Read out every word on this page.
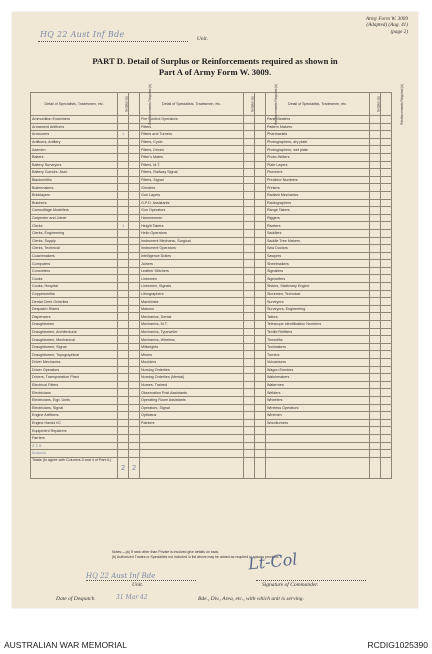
Army Form W. 3009
(Adapted) (Aug. 41)
(page 2)
HQ 22 Aust Inf Bde	Unit.
PART D. Detail of Surplus or Reinforcements required as shown in
Part A of Army Form W. 3009.
Detail of Specialists, Tradesmen, etc.	Surplus (a)	Reinforcements Required (b)	Detail of Specialists, Tradesmen, etc.	Surplus (a)	Reinforcements Required (b)	Detail of Specialists, Tradesmen, etc.	Surplus (a)	Reinforcements Required (b)
Ammunition Examiners			Fire Control Operators			Panel Beaters		
Armament Artificers			Fitters			Pattern Makers		
Armourers	1		Fitters and Turners			Pharmacists		
Artificers, Artillery			Fitters, Cycle			Photographers, dry plate		
Axemen			Fitters, Driven			Photographers, wet plate		
Bakers			Fitter's Mates			Photo-Writers		
Battery Surveyors			Fitters, M.T.			Plate Layers		
Battery Comdrs. Asst.			Fitters, Railway Signal			Plumbers		
Blacksmiths			Fitters, Signal			Predictor Numbers		
Boilermakers			Grinders			Printers		
Bricklayers			Gun Layers			Radiant Mechanics		
Butchers			G.P.O. Assistants			Radiographers		
Camouflage Modellers			Gun Operators			Range Takers		
Carpenter and Joiner			Hammermen			Riggers		
Clerks	1		Height Takers			Riveters		
Clerks, Engineering			Helio Operators			Saddlers		
Clerks, Supply			Instrument Mechanic, Surgical			Saddle Tree Makers		
Clerks, Technical			Instrument Operators			Saw Doctors		
Coachmakers			Intelligence Duties			Sawyers		
Computers			Joiners			Sheetmakers		
Concreters			Leather Stitchers			Signallers		
Cooks			Linesmen			Signwriters		
Cooks, Hospital			Linesmen, Signals			Sisters, Stationary Engine		
Coppersmiths			Lithographers			Storemen, Technical		
Dental Clerk Orderlies			Machinists			Surveyors		
Despatch Riders			Masons			Surveyors, Engineering		
Dispensers			Mechanics, Dental			Tailors		
Draughtsmen			Mechanics, M.T.			Telescope Identification Numbers		
Draughtsmen, Architectural			Mechanics, Typewriter			Textile Refitters		
Draughtsmen, Mechanical			Mechanics, Wireless			Tinsmiths		
Draughtsmen, Signal			Millwrights			Toolmakers		
Draughtsmen, Topographical			Miners			Turners		
Driver Mechanics			Moulders			Vulcanisers		
Driver Operators			Nursing Orderlies			Wagon Erectors		
Drivers, Transportation Plant			Nursing Orderlies (Mental)			Watchmakers		
Electrical Fitters			Nurses, Trained			Watermen		
Electricians			Observation Post Assistants			Welders		
Electricians, Eqp. Units			Operating Room Assistants			Wheelers		
Electricians, Signal			Operators, Signal			Wireless Operators		
Engine Artificers			Opticians			Wiremen		
Engine Hands I/C			Painters			Woodturners		
Equipment Repairers								
Farriers								
2 2 6								
Surplus								
Totals (to agree with Columns 3 and 4 of Part A.)	2	2						
Notes:—(a) If rank other than Private is involved give details on back.
(b) Authorized Trades or Specialists not included in list above may be added as required in spaces provided.
Lt-Col
HQ 22 Aust Inf Bde
Unit.	Signature of Commander.
Date of Despatch	31 Mar 42	Bde., Div., Area, etc., with which unit is serving.
AUSTRALIAN WAR MEMORIAL	RCDIG1025390
